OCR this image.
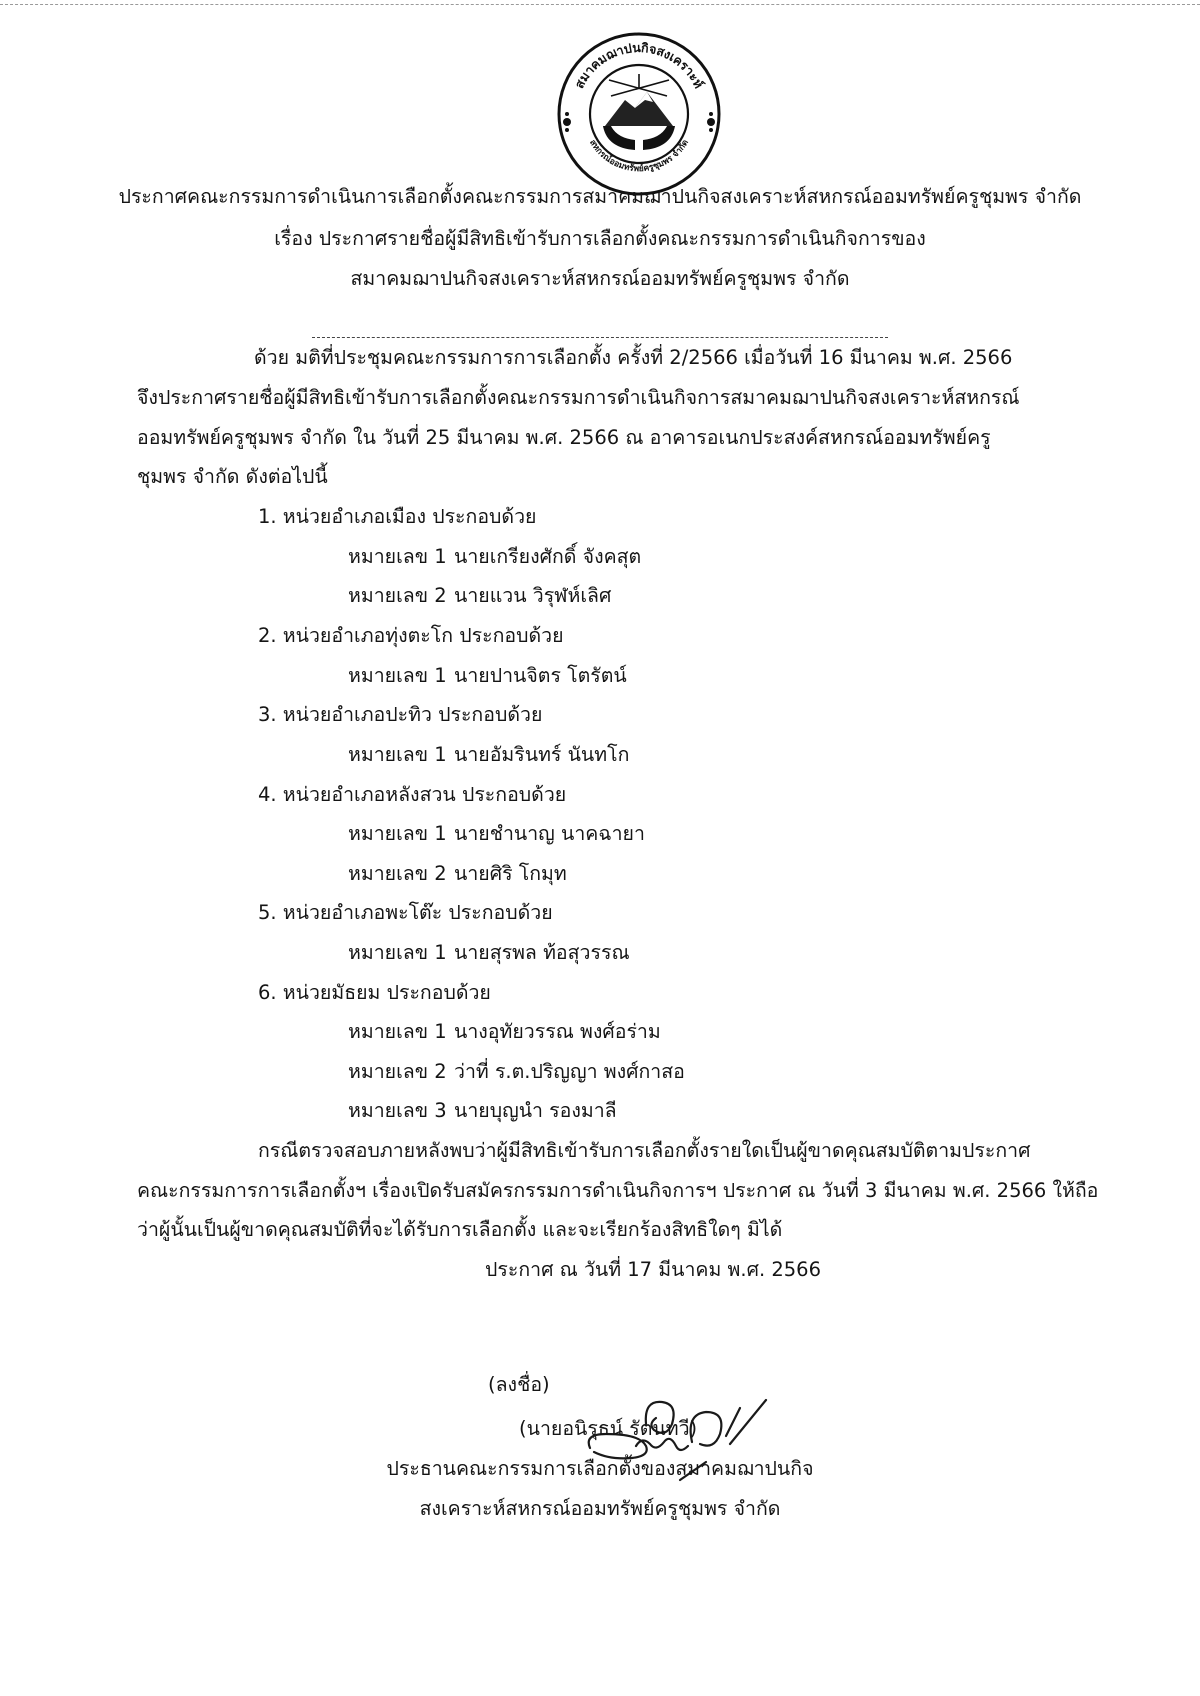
สมาคมฌาปนกิจสงเคราะห์
สหกรณ์ออมทรัพย์ครูชุมพร จำกัด
ประกาศคณะกรรมการดำเนินการเลือกตั้งคณะกรรมการสมาคมฌาปนกิจสงเคราะห์สหกรณ์ออมทรัพย์ครูชุมพร จำกัด
เรื่อง ประกาศรายชื่อผู้มีสิทธิเข้ารับการเลือกตั้งคณะกรรมการดำเนินกิจการของ
สมาคมฌาปนกิจสงเคราะห์สหกรณ์ออมทรัพย์ครูชุมพร จำกัด
ด้วย มติที่ประชุมคณะกรรมการการเลือกตั้ง ครั้งที่ 2/2566 เมื่อวันที่ 16 มีนาคม พ.ศ. 2566
จึงประกาศรายชื่อผู้มีสิทธิเข้ารับการเลือกตั้งคณะกรรมการดำเนินกิจการสมาคมฌาปนกิจสงเคราะห์สหกรณ์
ออมทรัพย์ครูชุมพร จำกัด ใน วันที่ 25 มีนาคม พ.ศ. 2566 ณ อาคารอเนกประสงค์สหกรณ์ออมทรัพย์ครู
ชุมพร จำกัด ดังต่อไปนี้
1. หน่วยอำเภอเมือง ประกอบด้วย
หมายเลข 1 นายเกรียงศักดิ์ จังคสุต
หมายเลข 2 นายแวน วิรุฬห์เลิศ
2. หน่วยอำเภอทุ่งตะโก ประกอบด้วย
หมายเลข 1 นายปานจิตร โตรัตน์
3. หน่วยอำเภอปะทิว ประกอบด้วย
หมายเลข 1 นายอัมรินทร์ นันทโก
4. หน่วยอำเภอหลังสวน ประกอบด้วย
หมายเลข 1 นายชำนาญ นาคฉายา
หมายเลข 2 นายศิริ โกมุท
5. หน่วยอำเภอพะโต๊ะ ประกอบด้วย
หมายเลข 1 นายสุรพล ท้อสุวรรณ
6. หน่วยมัธยม ประกอบด้วย
หมายเลข 1 นางอุทัยวรรณ พงศ์อร่าม
หมายเลข 2 ว่าที่ ร.ต.ปริญญา พงศ์กาสอ
หมายเลข 3 นายบุญนำ รองมาลี
กรณีตรวจสอบภายหลังพบว่าผู้มีสิทธิเข้ารับการเลือกตั้งรายใดเป็นผู้ขาดคุณสมบัติตามประกาศ
คณะกรรมการการเลือกตั้งฯ เรื่องเปิดรับสมัครกรรมการดำเนินกิจการฯ ประกาศ ณ วันที่ 3 มีนาคม พ.ศ. 2566 ให้ถือ
ว่าผู้นั้นเป็นผู้ขาดคุณสมบัติที่จะได้รับการเลือกตั้ง และจะเรียกร้องสิทธิใดๆ มิได้
ประกาศ ณ วันที่ 17 มีนาคม พ.ศ. 2566
(ลงชื่อ)
(นายอนิรุธน์ รัตนทวี)
ประธานคณะกรรมการเลือกตั้งของสมาคมฌาปนกิจ
สงเคราะห์สหกรณ์ออมทรัพย์ครูชุมพร จำกัด
